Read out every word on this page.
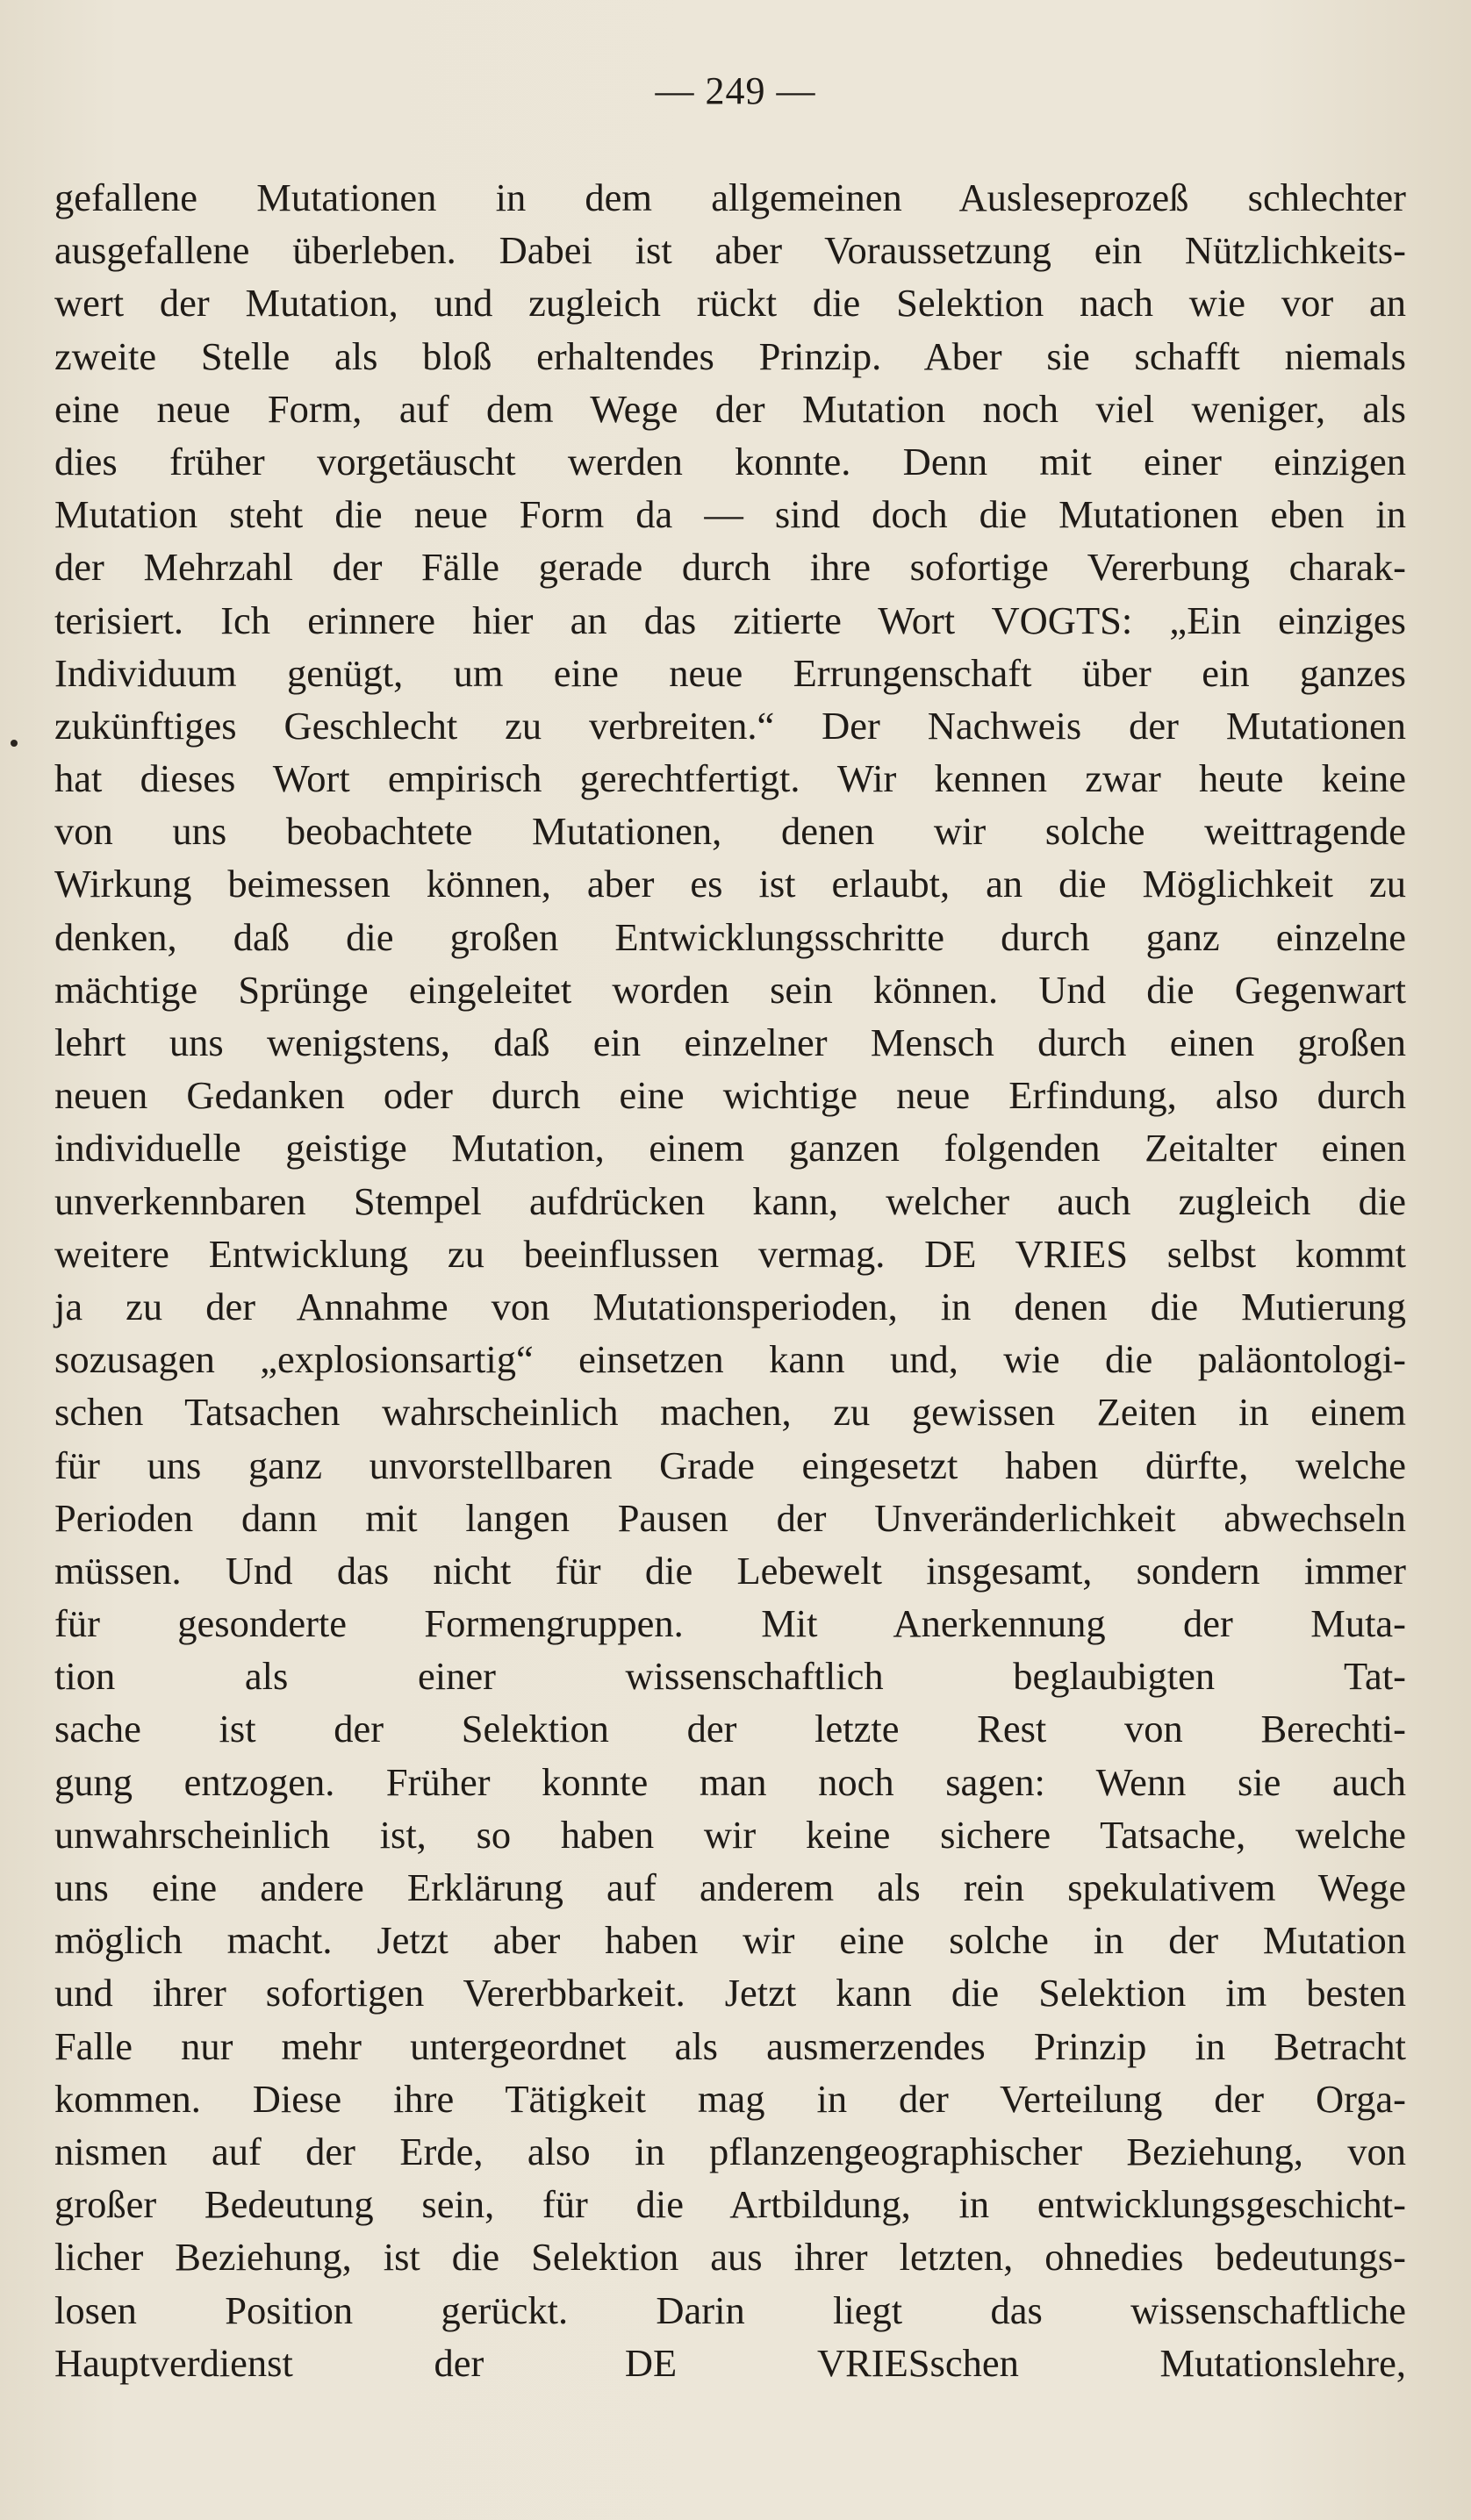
— 249 —
gefallene Mutationen in dem allgemeinen Ausleseprozeß schlechter
ausgefallene überleben. Dabei ist aber Voraussetzung ein Nützlichkeits-
wert der Mutation, und zugleich rückt die Selektion nach wie vor an
zweite Stelle als bloß erhaltendes Prinzip. Aber sie schafft niemals
eine neue Form, auf dem Wege der Mutation noch viel weniger, als
dies früher vorgetäuscht werden konnte. Denn mit einer einzigen
Mutation steht die neue Form da — sind doch die Mutationen eben in
der Mehrzahl der Fälle gerade durch ihre sofortige Vererbung charak-
terisiert. Ich erinnere hier an das zitierte Wort VOGTS: „Ein einziges
Individuum genügt, um eine neue Errungenschaft über ein ganzes
zukünftiges Geschlecht zu verbreiten.“ Der Nachweis der Mutationen
hat dieses Wort empirisch gerechtfertigt. Wir kennen zwar heute keine
von uns beobachtete Mutationen, denen wir solche weittragende
Wirkung beimessen können, aber es ist erlaubt, an die Möglichkeit zu
denken, daß die großen Entwicklungsschritte durch ganz einzelne
mächtige Sprünge eingeleitet worden sein können. Und die Gegenwart
lehrt uns wenigstens, daß ein einzelner Mensch durch einen großen
neuen Gedanken oder durch eine wichtige neue Erfindung, also durch
individuelle geistige Mutation, einem ganzen folgenden Zeitalter einen
unverkennbaren Stempel aufdrücken kann, welcher auch zugleich die
weitere Entwicklung zu beeinflussen vermag. DE VRIES selbst kommt
ja zu der Annahme von Mutationsperioden, in denen die Mutierung
sozusagen „explosionsartig“ einsetzen kann und, wie die paläontologi-
schen Tatsachen wahrscheinlich machen, zu gewissen Zeiten in einem
für uns ganz unvorstellbaren Grade eingesetzt haben dürfte, welche
Perioden dann mit langen Pausen der Unveränderlichkeit abwechseln
müssen. Und das nicht für die Lebewelt insgesamt, sondern immer
für gesonderte Formengruppen. Mit Anerkennung der Muta-
tion als einer wissenschaftlich beglaubigten Tat-
sache ist der Selektion der letzte Rest von Berechti-
gung entzogen. Früher konnte man noch sagen: Wenn sie auch
unwahrscheinlich ist, so haben wir keine sichere Tatsache, welche
uns eine andere Erklärung auf anderem als rein spekulativem Wege
möglich macht. Jetzt aber haben wir eine solche in der Mutation
und ihrer sofortigen Vererbbarkeit. Jetzt kann die Selektion im besten
Falle nur mehr untergeordnet als ausmerzendes Prinzip in Betracht
kommen. Diese ihre Tätigkeit mag in der Verteilung der Orga-
nismen auf der Erde, also in pflanzengeographischer Beziehung, von
großer Bedeutung sein, für die Artbildung, in entwicklungsgeschicht-
licher Beziehung, ist die Selektion aus ihrer letzten, ohnedies bedeutungs-
losen Position gerückt. Darin liegt das wissenschaftliche
Hauptverdienst der DE VRIESschen Mutationslehre,
